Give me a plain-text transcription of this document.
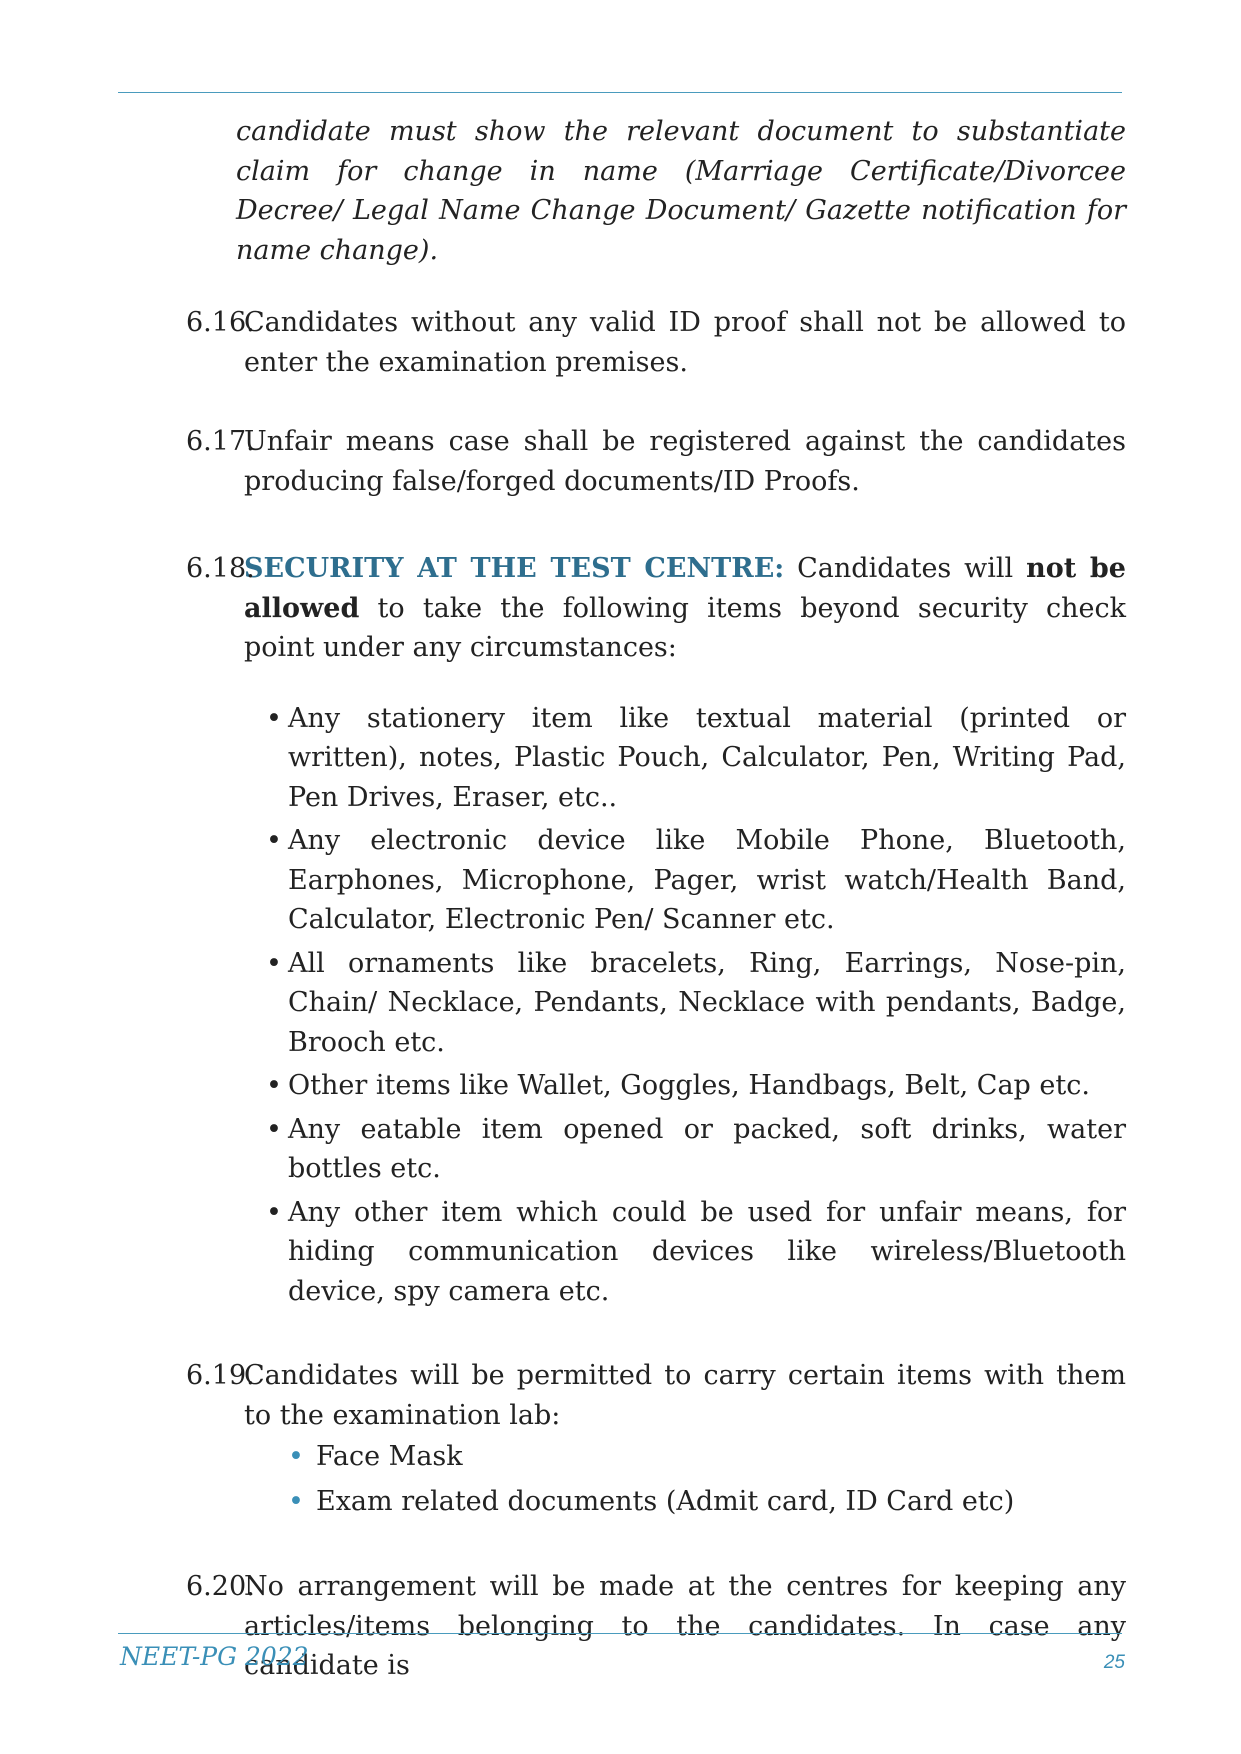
candidate must show the relevant document to substantiate claim for change in name (Marriage Certificate/Divorcee Decree/ Legal Name Change Document/ Gazette notification for name change).

6.16.
Candidates without any valid ID proof shall not be allowed to enter the examination premises.
6.17.
Unfair means case shall be registered against the candidates producing false/forged documents/ID Proofs.
6.18.
SECURITY AT THE TEST CENTRE: Candidates will not be allowed to take the following items beyond security check point under any circumstances:
• Any stationery item like textual material (printed or written), notes, Plastic Pouch, Calculator, Pen, Writing Pad, Pen Drives, Eraser, etc..
• Any electronic device like Mobile Phone, Bluetooth, Earphones, Microphone, Pager, wrist watch/Health Band, Calculator, Electronic Pen/ Scanner etc.
• All ornaments like bracelets, Ring, Earrings, Nose-pin, Chain/ Necklace, Pendants, Necklace with pendants, Badge, Brooch etc.
• Other items like Wallet, Goggles, Handbags, Belt, Cap etc.
• Any eatable item opened or packed, soft drinks, water bottles etc.
• Any other item which could be used for unfair means, for hiding communication devices like wireless/Bluetooth device, spy camera etc.
6.19.
Candidates will be permitted to carry certain items with them to the examination lab:
• Face Mask
• Exam related documents (Admit card, ID Card etc)
6.20.
No arrangement will be made at the centres for keeping any articles/items belonging to the candidates. In case any candidate is
NEET-PG 2022	25
